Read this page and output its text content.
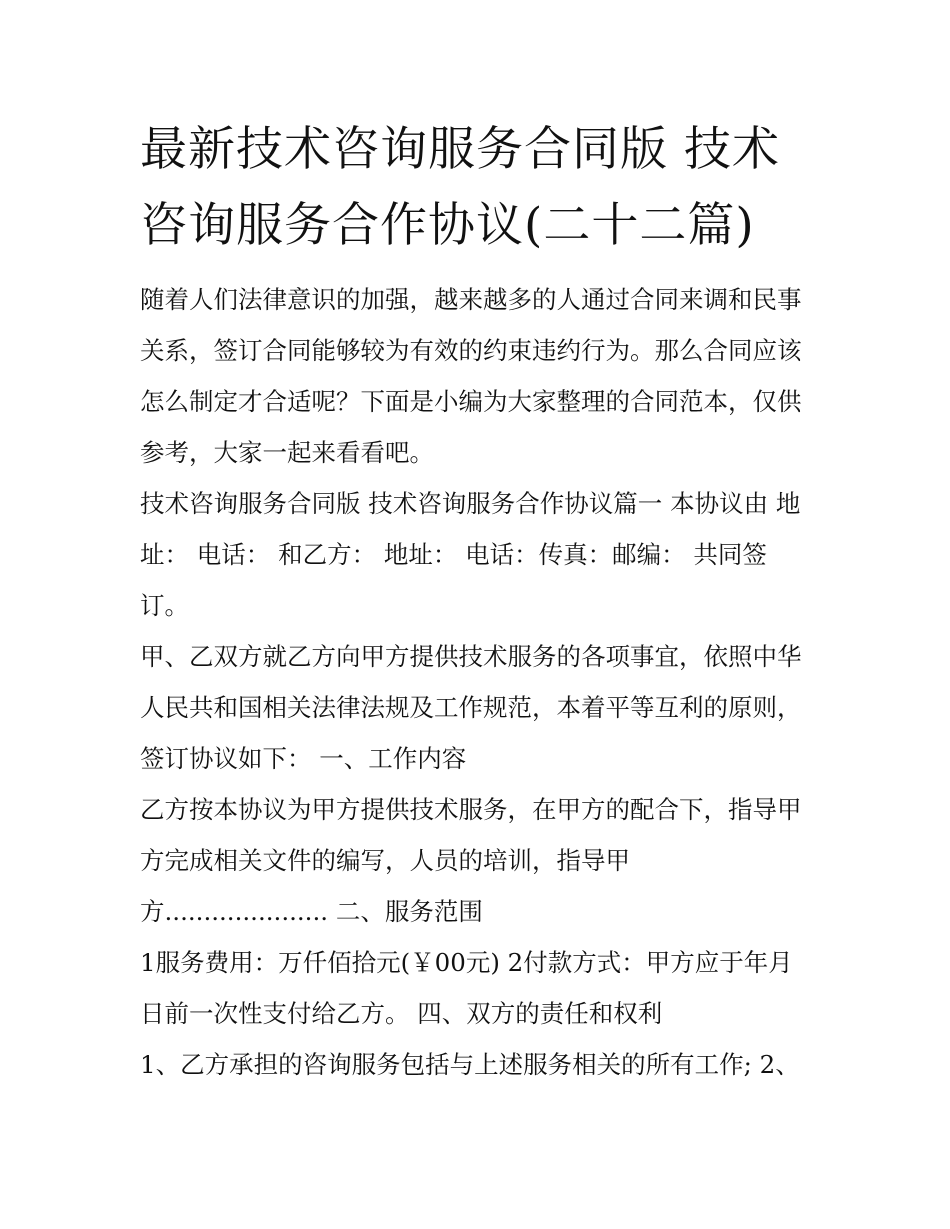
最新技术咨询服务合同版 技术咨询服务合作协议(二十二篇)

随着人们法律意识的加强，越来越多的人通过合同来调和民事关系，签订合同能够较为有效的约束违约行为。那么合同应该怎么制定才合适呢？下面是小编为大家整理的合同范本，仅供参考，大家一起来看看吧。

技术咨询服务合同版 技术咨询服务合作协议篇一 本协议由 地址： 电话： 和乙方： 地址： 电话：传真：邮编： 共同签订。

甲、乙双方就乙方向甲方提供技术服务的各项事宜，依照中华人民共和国相关法律法规及工作规范，本着平等互利的原则，签订协议如下： 一、工作内容

乙方按本协议为甲方提供技术服务，在甲方的配合下，指导甲方完成相关文件的编写，人员的培训，指导甲方..................... 二、服务范围

1服务费用：万仟佰拾元(￥00元) 2付款方式：甲方应于年月日前一次性支付给乙方。 四、双方的责任和权利

1、乙方承担的咨询服务包括与上述服务相关的所有工作; 2、
